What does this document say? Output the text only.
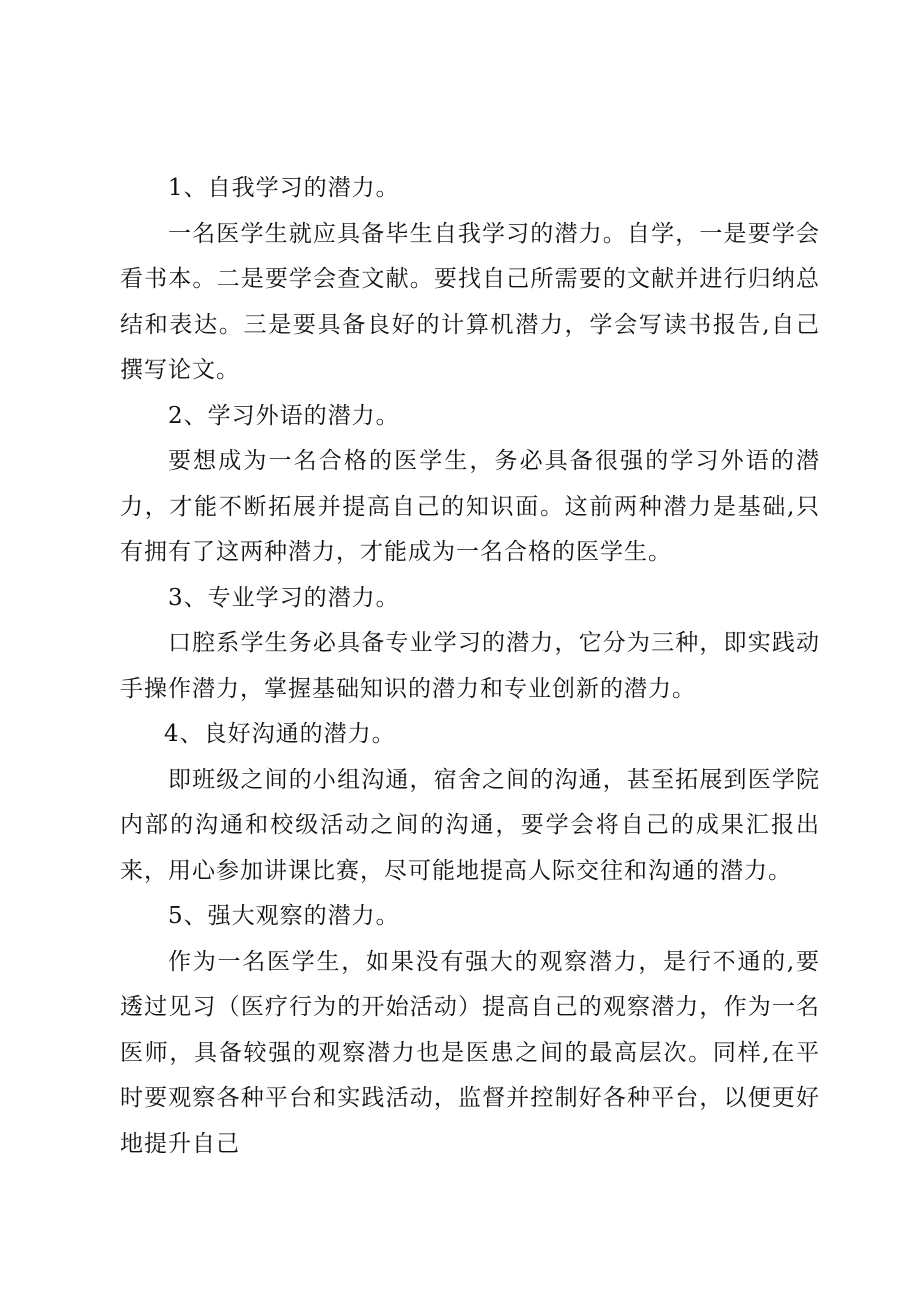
1、自我学习的潜力。

一名医学生就应具备毕生自我学习的潜力。自学，一是要学会看书本。二是要学会查文献。要找自己所需要的文献并进行归纳总结和表达。三是要具备良好的计算机潜力，学会写读书报告,自己撰写论文。

2、学习外语的潜力。

要想成为一名合格的医学生，务必具备很强的学习外语的潜力，才能不断拓展并提高自己的知识面。这前两种潜力是基础,只有拥有了这两种潜力，才能成为一名合格的医学生。

3、专业学习的潜力。

口腔系学生务必具备专业学习的潜力，它分为三种，即实践动手操作潜力，掌握基础知识的潜力和专业创新的潜力。

4、良好沟通的潜力。

即班级之间的小组沟通，宿舍之间的沟通，甚至拓展到医学院内部的沟通和校级活动之间的沟通，要学会将自己的成果汇报出来，用心参加讲课比赛，尽可能地提高人际交往和沟通的潜力。

5、强大观察的潜力。

作为一名医学生，如果没有强大的观察潜力，是行不通的,要透过见习（医疗行为的开始活动）提高自己的观察潜力，作为一名医师，具备较强的观察潜力也是医患之间的最高层次。同样,在平时要观察各种平台和实践活动，监督并控制好各种平台，以便更好地提升自己
